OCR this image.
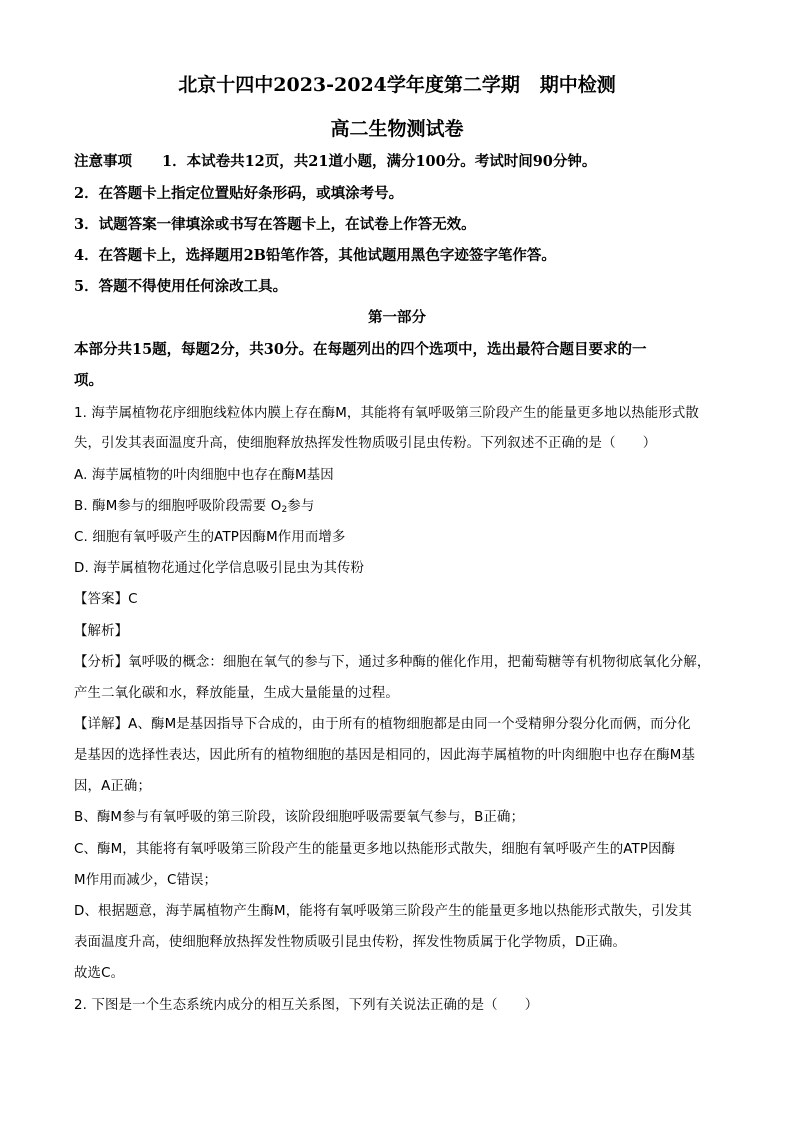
北京十四中2023-2024学年度第二学期   期中检测
高二生物测试卷
注意事项 1．本试卷共12页，共21道小题，满分100分。考试时间90分钟。
2．在答题卡上指定位置贴好条形码，或填涂考号。
3．试题答案一律填涂或书写在答题卡上，在试卷上作答无效。
4．在答题卡上，选择题用2B铅笔作答，其他试题用黑色字迹签字笔作答。
5．答题不得使用任何涂改工具。
第一部分
本部分共15题，每题2分，共30分。在每题列出的四个选项中，选出最符合题目要求的一
项。
1. 海芋属植物花序细胞线粒体内膜上存在酶M，其能将有氧呼吸第三阶段产生的能量更多地以热能形式散
失，引发其表面温度升高，使细胞释放热挥发性物质吸引昆虫传粉。下列叙述不正确的是（　　）
A. 海芋属植物的叶肉细胞中也存在酶M基因
B. 酶M参与的细胞呼吸阶段需要 $O_2$参与
C. 细胞有氧呼吸产生的ATP因酶M作用而增多
D. 海芋属植物花通过化学信息吸引昆虫为其传粉
【答案】C
【解析】
【分析】氧呼吸的概念：细胞在氧气的参与下，通过多种酶的催化作用，把葡萄糖等有机物彻底氧化分解，
产生二氧化碳和水，释放能量，生成大量能量的过程。
【详解】A、酶M是基因指导下合成的，由于所有的植物细胞都是由同一个受精卵分裂分化而俩，而分化
是基因的选择性表达，因此所有的植物细胞的基因是相同的，因此海芋属植物的叶肉细胞中也存在酶M基
因，A正确；
B、酶M参与有氧呼吸的第三阶段，该阶段细胞呼吸需要氧气参与，B正确；
C、酶M，其能将有氧呼吸第三阶段产生的能量更多地以热能形式散失，细胞有氧呼吸产生的ATP因酶
M作用而减少，C错误；
D、根据题意，海芋属植物产生酶M，能将有氧呼吸第三阶段产生的能量更多地以热能形式散失，引发其
表面温度升高，使细胞释放热挥发性物质吸引昆虫传粉，挥发性物质属于化学物质，D正确。
故选C。
2. 下图是一个生态系统内成分的相互关系图，下列有关说法正确的是（　　）
